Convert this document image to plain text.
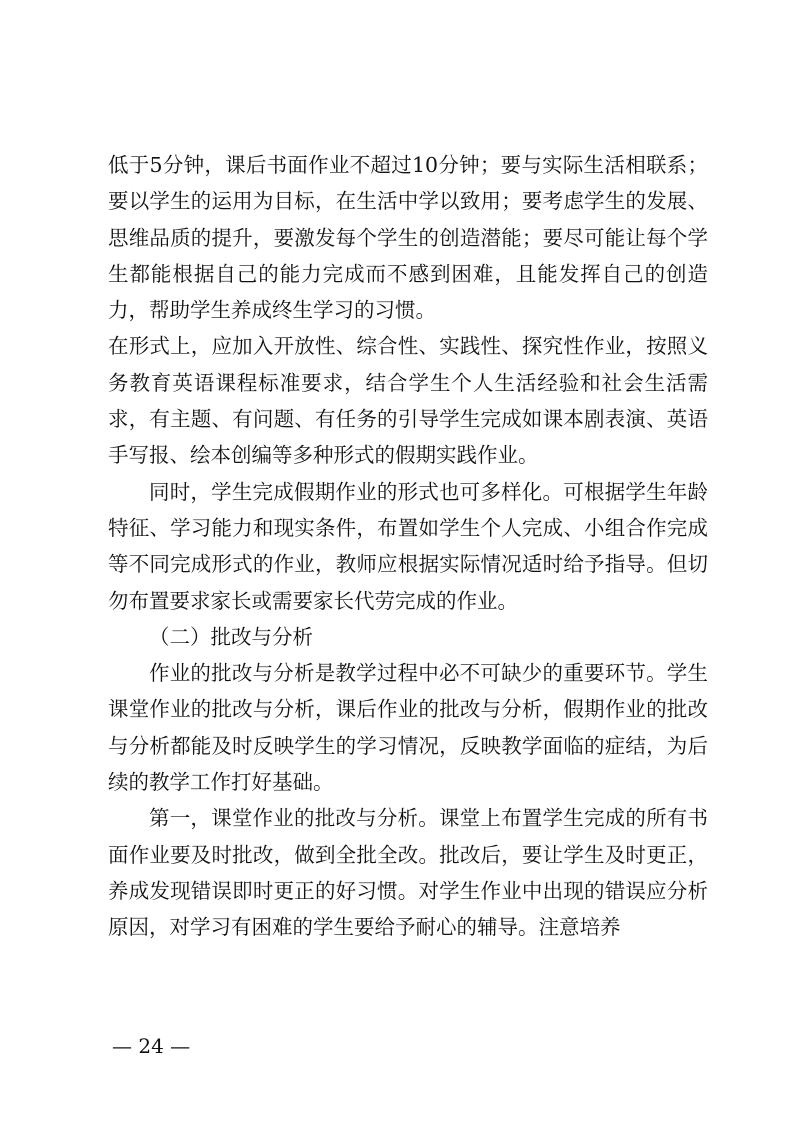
低于5分钟，课后书面作业不超过10分钟；要与实际生活相联系；要以学生的运用为目标，在生活中学以致用；要考虑学生的发展、思维品质的提升，要激发每个学生的创造潜能；要尽可能让每个学生都能根据自己的能力完成而不感到困难，且能发挥自己的创造力，帮助学生养成终生学习的习惯。

在形式上，应加入开放性、综合性、实践性、探究性作业，按照义务教育英语课程标准要求，结合学生个人生活经验和社会生活需求，有主题、有问题、有任务的引导学生完成如课本剧表演、英语手写报、绘本创编等多种形式的假期实践作业。

同时，学生完成假期作业的形式也可多样化。可根据学生年龄特征、学习能力和现实条件，布置如学生个人完成、小组合作完成等不同完成形式的作业，教师应根据实际情况适时给予指导。但切勿布置要求家长或需要家长代劳完成的作业。

（二）批改与分析

作业的批改与分析是教学过程中必不可缺少的重要环节。学生课堂作业的批改与分析，课后作业的批改与分析，假期作业的批改与分析都能及时反映学生的学习情况，反映教学面临的症结，为后续的教学工作打好基础。

第一，课堂作业的批改与分析。课堂上布置学生完成的所有书面作业要及时批改，做到全批全改。批改后，要让学生及时更正，养成发现错误即时更正的好习惯。对学生作业中出现的错误应分析原因，对学习有困难的学生要给予耐心的辅导。注意培养

— 24 —
